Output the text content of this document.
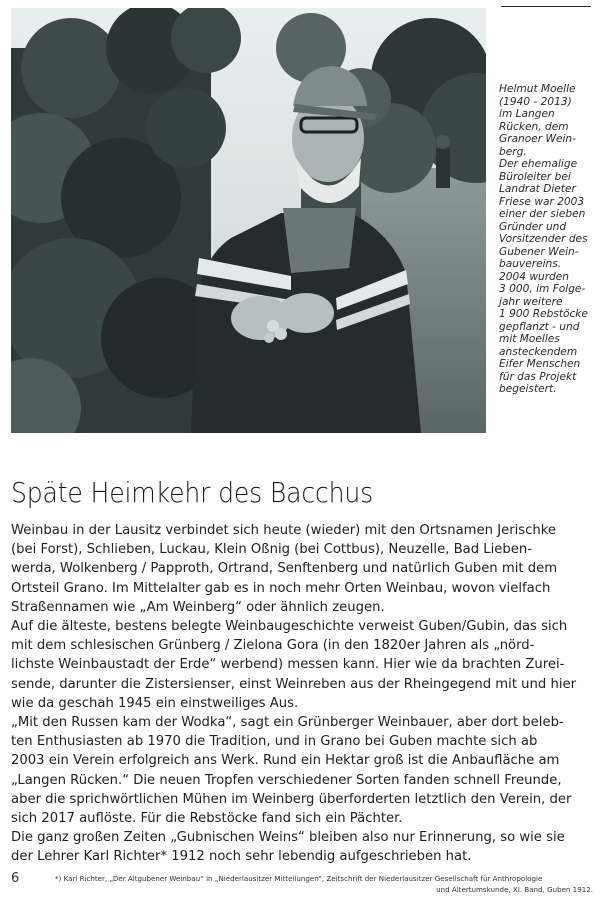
Helmut Moelle
(1940 - 2013)
im Langen
Rücken, dem
Granoer Wein-
berg.
Der ehemalige
Büroleiter bei
Landrat Dieter
Friese war 2003
einer der sieben
Gründer und
Vorsitzender des
Gubener Wein-
bauvereins.
2004 wurden
3 000, im Folge-
jahr weitere
1 900 Rebstöcke
gepflanzt - und
mit Moelles
ansteckendem
Eifer Menschen
für das Projekt
begeistert.

Späte Heimkehr des Bacchus

Weinbau in der Lausitz verbindet sich heute (wieder) mit den Ortsnamen Jerischke
(bei Forst), Schlieben, Luckau, Klein Oßnig (bei Cottbus), Neuzelle, Bad Lieben-
werda, Wolkenberg / Papproth, Ortrand, Senftenberg und natürlich Guben mit dem
Ortsteil Grano. Im Mittelalter gab es in noch mehr Orten Weinbau, wovon vielfach
Straßennamen wie „Am Weinberg“ oder ähnlich zeugen.
Auf die älteste, bestens belegte Weinbaugeschichte verweist Guben/Gubin, das sich
mit dem schlesischen Grünberg / Zielona Gora (in den 1820er Jahren als „nörd-
lichste Weinbaustadt der Erde“ werbend) messen kann. Hier wie da brachten Zurei-
sende, darunter die Zistersienser, einst Weinreben aus der Rheingegend mit und hier
wie da geschah 1945 ein einstweiliges Aus.
„Mit den Russen kam der Wodka“, sagt ein Grünberger Weinbauer, aber dort beleb-
ten Enthusiasten ab 1970 die Tradition, und in Grano bei Guben machte sich ab
2003 ein Verein erfolgreich ans Werk. Rund ein Hektar groß ist die Anbaufläche am
„Langen Rücken.“ Die neuen Tropfen verschiedener Sorten fanden schnell Freunde,
aber die sprichwörtlichen Mühen im Weinberg überforderten letztlich den Verein, der
sich 2017 auflöste. Für die Rebstöcke fand sich ein Pächter.
Die ganz großen Zeiten „Gubnischen Weins“ bleiben also nur Erinnerung, so wie sie
der Lehrer Karl Richter* 1912 noch sehr lebendig aufgeschrieben hat.

6	*) Karl Richter, „Der Altgubener Weinbau“ in „Niederlausitzer Mitteilungen“, Zeitschrift der Niederlausitzer Gesellschaft für Anthropologie
und Altertumskunde, XI. Band, Guben 1912.
